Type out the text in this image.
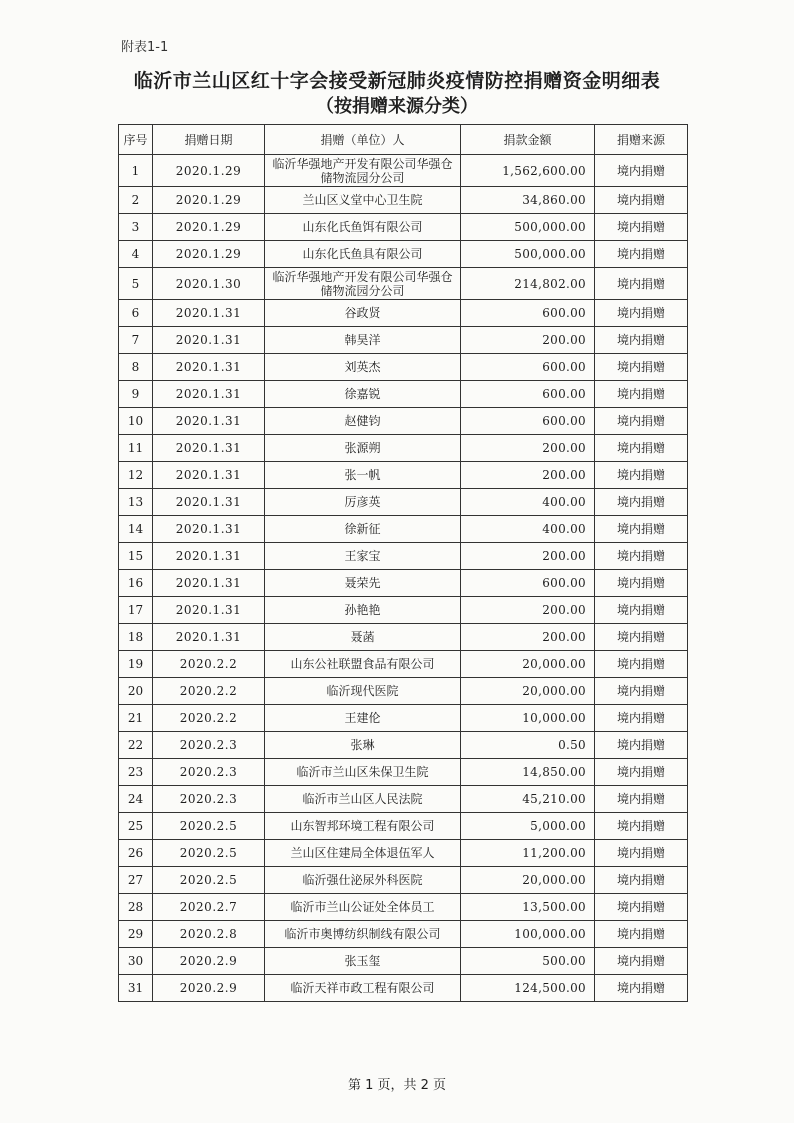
附表1-1
临沂市兰山区红十字会接受新冠肺炎疫情防控捐赠资金明细表
（按捐赠来源分类）
序号	捐赠日期	捐赠（单位）人	捐款金额	捐赠来源
1	2020.1.29	临沂华强地产开发有限公司华强仓储物流园分公司	1,562,600.00	境内捐赠
2	2020.1.29	兰山区义堂中心卫生院	34,860.00	境内捐赠
3	2020.1.29	山东化氏鱼饵有限公司	500,000.00	境内捐赠
4	2020.1.29	山东化氏鱼具有限公司	500,000.00	境内捐赠
5	2020.1.30	临沂华强地产开发有限公司华强仓储物流园分公司	214,802.00	境内捐赠
6	2020.1.31	谷政贤	600.00	境内捐赠
7	2020.1.31	韩昊洋	200.00	境内捐赠
8	2020.1.31	刘英杰	600.00	境内捐赠
9	2020.1.31	徐嘉锐	600.00	境内捐赠
10	2020.1.31	赵健钧	600.00	境内捐赠
11	2020.1.31	张源朔	200.00	境内捐赠
12	2020.1.31	张一帆	200.00	境内捐赠
13	2020.1.31	厉彦英	400.00	境内捐赠
14	2020.1.31	徐新征	400.00	境内捐赠
15	2020.1.31	王家宝	200.00	境内捐赠
16	2020.1.31	聂荣先	600.00	境内捐赠
17	2020.1.31	孙艳艳	200.00	境内捐赠
18	2020.1.31	聂菡	200.00	境内捐赠
19	2020.2.2	山东公社联盟食品有限公司	20,000.00	境内捐赠
20	2020.2.2	临沂现代医院	20,000.00	境内捐赠
21	2020.2.2	王建伦	10,000.00	境内捐赠
22	2020.2.3	张琳	0.50	境内捐赠
23	2020.2.3	临沂市兰山区朱保卫生院	14,850.00	境内捐赠
24	2020.2.3	临沂市兰山区人民法院	45,210.00	境内捐赠
25	2020.2.5	山东智邦环境工程有限公司	5,000.00	境内捐赠
26	2020.2.5	兰山区住建局全体退伍军人	11,200.00	境内捐赠
27	2020.2.5	临沂强仕泌尿外科医院	20,000.00	境内捐赠
28	2020.2.7	临沂市兰山公证处全体员工	13,500.00	境内捐赠
29	2020.2.8	临沂市奥博纺织制线有限公司	100,000.00	境内捐赠
30	2020.2.9	张玉玺	500.00	境内捐赠
31	2020.2.9	临沂天祥市政工程有限公司	124,500.00	境内捐赠
第 1 页，共 2 页
